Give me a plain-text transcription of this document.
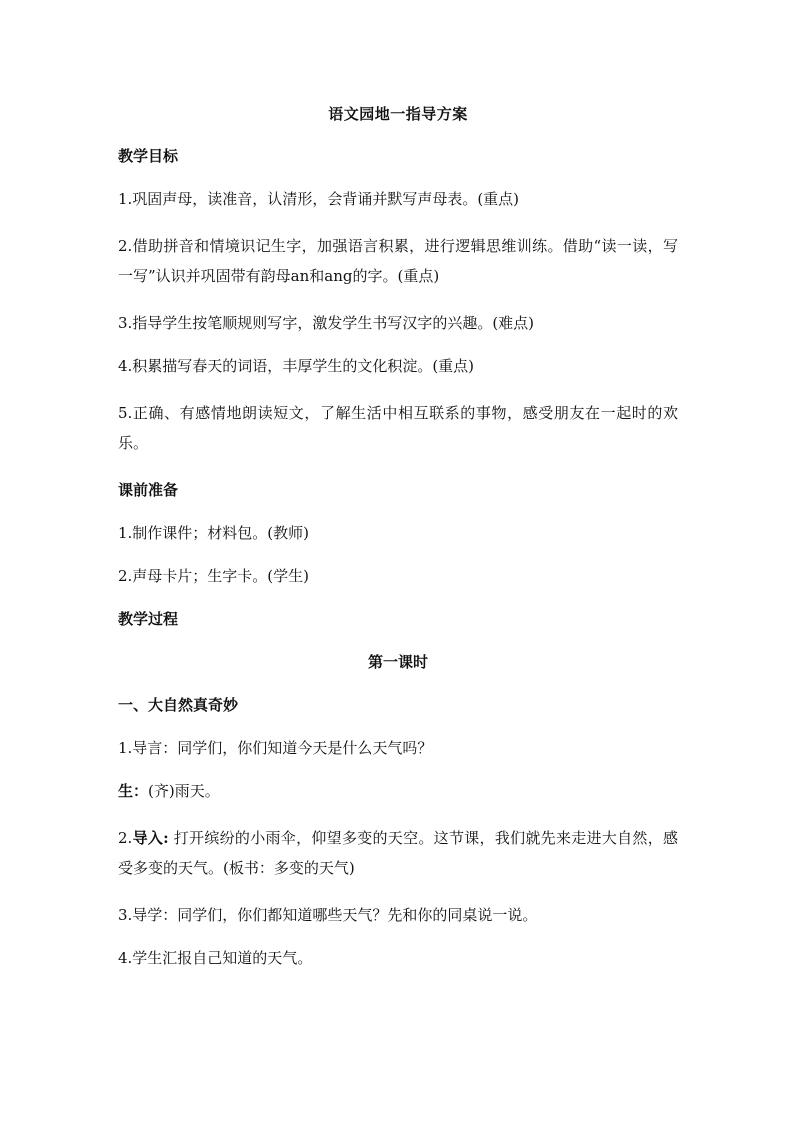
语文园地一指导方案
教学目标
1.巩固声母，读准音，认清形，会背诵并默写声母表。(重点)
2.借助拼音和情境识记生字，加强语言积累，进行逻辑思维训练。借助“读一读，写一写”认识并巩固带有韵母an和ang的字。(重点)
3.指导学生按笔顺规则写字，激发学生书写汉字的兴趣。(难点)
4.积累描写春天的词语，丰厚学生的文化积淀。(重点)
5.正确、有感情地朗读短文，了解生活中相互联系的事物，感受朋友在一起时的欢乐。
课前准备
1.制作课件；材料包。(教师)
2.声母卡片；生字卡。(学生)
教学过程
第一课时
一、大自然真奇妙
1.导言：同学们，你们知道今天是什么天气吗？
生：(齐)雨天。
2.导入: 打开缤纷的小雨伞，仰望多变的天空。这节课，我们就先来走进大自然，感受多变的天气。(板书：多变的天气)
3.导学：同学们，你们都知道哪些天气？先和你的同桌说一说。
4.学生汇报自己知道的天气。
